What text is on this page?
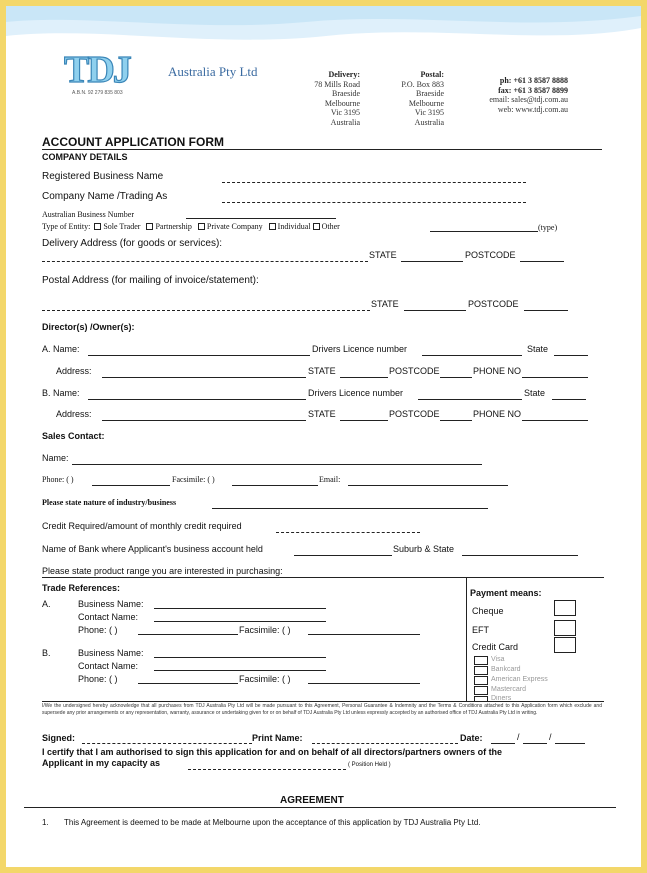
TDJ	Australia Pty Ltd
A.B.N. 92 279 835 803
Delivery:
78 Mills Road
Braeside
Melbourne
Vic 3195
Australia
Postal:
P.O. Box 883
Braeside
Melbourne
Vic 3195
Australia
ph: +61 3 8587 8888
fax: +61 3 8587 8899
email: sales@tdj.com.au
web: www.tdj.com.au
ACCOUNT APPLICATION FORM
COMPANY DETAILS
Registered Business Name
Company Name /Trading As
Australian Business Number
Type of Entity: Sole Trader Partnership Private Company Individual Other	(type)
Delivery Address (for goods or services):
STATE	POSTCODE
Postal Address (for mailing of invoice/statement):
STATE	POSTCODE
Director(s) /Owner(s):
A. Name:	Drivers Licence number	State
Address:	STATE	POSTCODE	PHONE NO
B. Name:	Drivers Licence number	State
Address:	STATE	POSTCODE	PHONE NO
Sales Contact:
Name:
Phone: ( )	Facsimile: ( )	Email:
Please state nature of industry/business
Credit Required/amount of monthly credit required
Name of Bank where Applicant's business account held	Suburb & State
Please state product range you are interested in purchasing:
Trade References:
A.	Business Name:
Contact Name:
Phone: ( )	Facsimile: ( )
B.	Business Name:
Contact Name:
Phone: ( )	Facsimile: ( )
Payment means:
Cheque
EFT
Credit Card
Visa
Bankcard
American Express
Mastercard
Diners
I/We the undersigned hereby acknowledge that all purchases from TDJ Australia Pty Ltd will be made pursuant to this Agreement, Personal Guarantee & Indemnity and the Terms & Conditions attached to this Application form which exclude and supersede any prior arrangements or any representation, warranty, assurance or undertaking given for or on behalf of TDJ Australia Pty Ltd unless expressly accepted by an authorised office of TDJ Australia Pty Ltd in writing.
Signed:	Print Name:	Date:	/	/
I certify that I am authorised to sign this application for and on behalf of all directors/partners owners of the
Applicant in my capacity as	( Position Held )
AGREEMENT
1. This Agreement is deemed to be made at Melbourne upon the acceptance of this application by TDJ Australia Pty Ltd.
